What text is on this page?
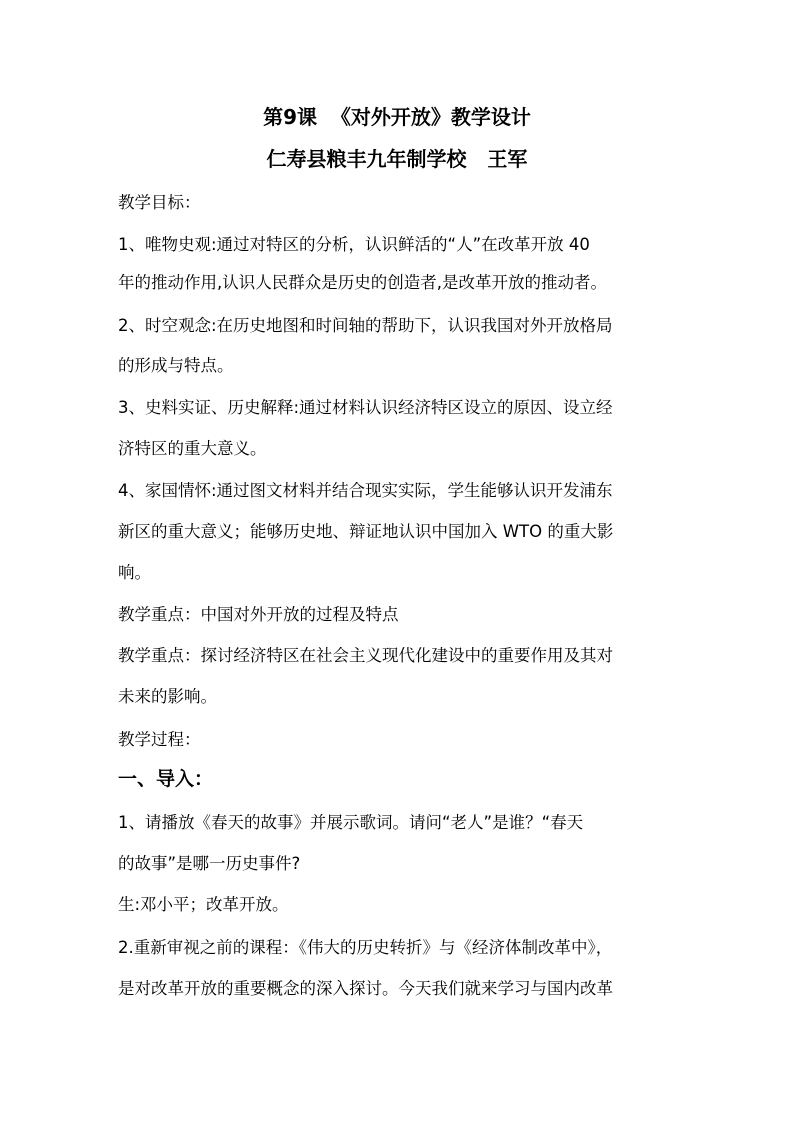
第9课  《对外开放》教学设计
仁寿县粮丰九年制学校   王军
教学目标：
1、唯物史观:通过对特区的分析，认识鲜活的“人”在改革开放 40
年的推动作用,认识人民群众是历史的创造者,是改革开放的推动者。
2、时空观念:在历史地图和时间轴的帮助下，认识我国对外开放格局
的形成与特点。
3、史料实证、历史解释:通过材料认识经济特区设立的原因、设立经
济特区的重大意义。
4、家国情怀:通过图文材料并结合现实实际，学生能够认识开发浦东
新区的重大意义；能够历史地、辩证地认识中国加入 WTO 的重大影
响。
教学重点：中国对外开放的过程及特点
教学重点：探讨经济特区在社会主义现代化建设中的重要作用及其对
未来的影响。
教学过程：
一、导入：
1、请播放《春天的故事》并展示歌词。请问“老人”是谁？“春天
的故事”是哪一历史事件?
生:邓小平；改革开放。
2.重新审视之前的课程：《伟大的历史转折》与《经济体制改革中》，
是对改革开放的重要概念的深入探讨。今天我们就来学习与国内改革
